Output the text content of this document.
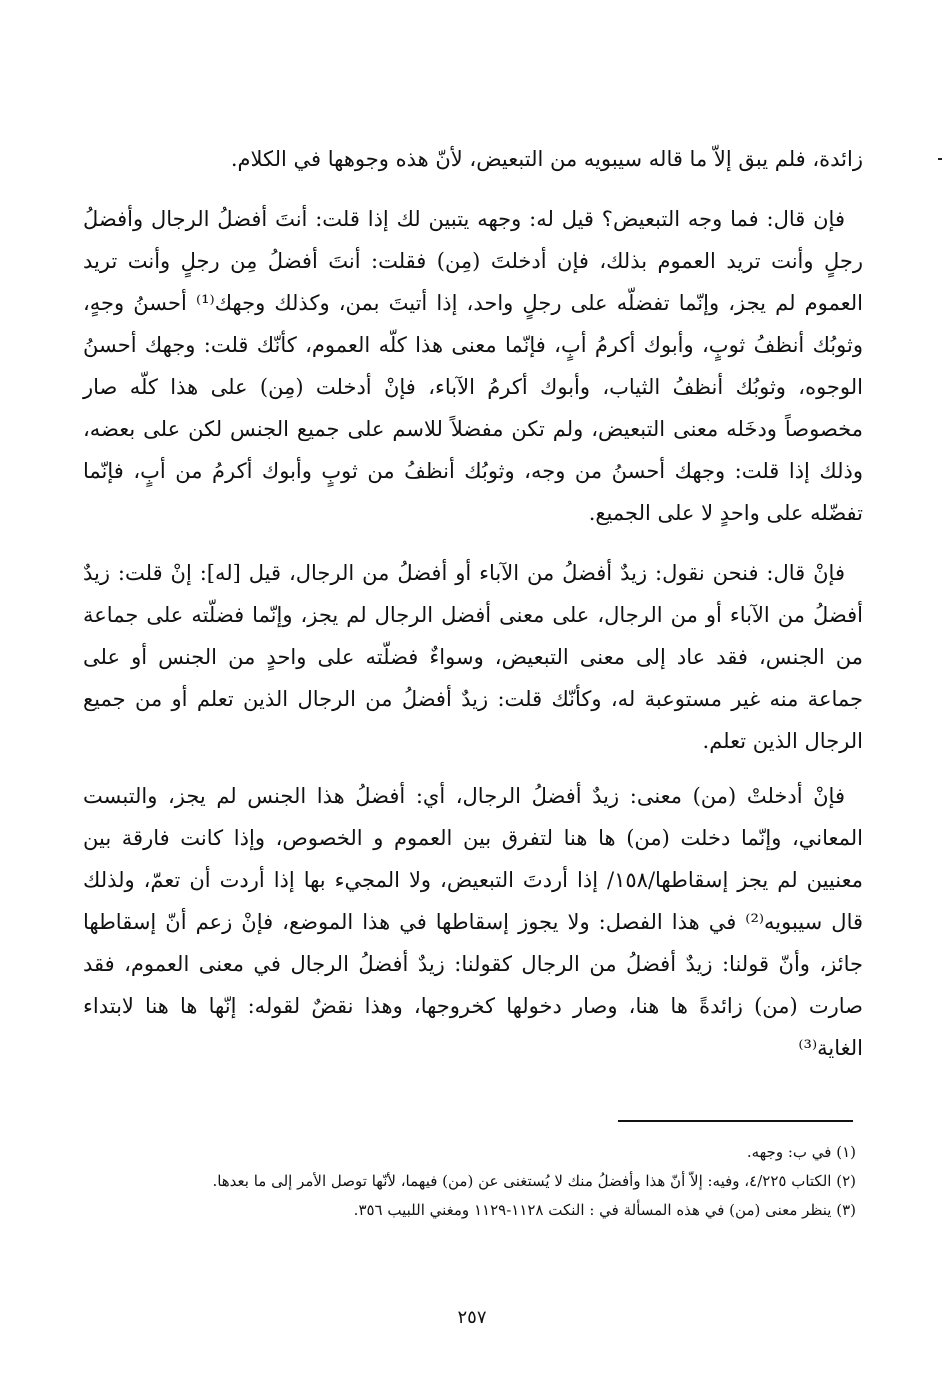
زائدة، فلم يبق إلاّ ما قاله سيبويه من التبعيض، لأنّ هذه وجوهها في الكلام.

فإن قال: فما وجه التبعيض؟ قيل له: وجهه يتبين لك إذا قلت: أنتَ أفضلُ الرجال وأفضلُ رجلٍ وأنت تريد العموم بذلك، فإن أدخلتَ (مِن) فقلت: أنتَ أفضلُ مِن رجلٍ وأنت تريد العموم لم يجز، وإنّما تفضلّه على رجلٍ واحد، إذا أتيتَ بمن، وكذلك وجهك⁽¹⁾ أحسنُ وجهٍ، وثوبُك أنظفُ ثوبٍ، وأبوك أكرمُ أبٍ، فإنّما معنى هذا كلّه العموم، كأنّك قلت: وجهك أحسنُ الوجوه، وثوبُك أنظفُ الثياب، وأبوك أكرمُ الآباء، فإنْ أدخلت (مِن) على هذا كلّه صار مخصوصاً ودخَله معنى التبعيض، ولم تكن مفضلاً للاسم على جميع الجنس لكن على بعضه، وذلك إذا قلت: وجهك أحسنُ من وجه، وثوبُك أنظفُ من ثوبٍ وأبوك أكرمُ من أبٍ، فإنّما تفضّله على واحدٍ لا على الجميع.

فإنْ قال: فنحن نقول: زيدٌ أفضلُ من الآباء أو أفضلُ من الرجال، قيل [له]: إنْ قلت: زيدٌ أفضلُ من الآباء أو من الرجال، على معنى أفضل الرجال لم يجز، وإنّما فضلّته على جماعة من الجنس، فقد عاد إلى معنى التبعيض، وسواءٌ فضلّته على واحدٍ من الجنس أو على جماعة منه غير مستوعبة له، وكأنّك قلت: زيدٌ أفضلُ من الرجال الذين تعلم أو من جميع الرجال الذين تعلم.

فإنْ أدخلتْ (من) معنى: زيدٌ أفضلُ الرجال، أي: أفضلُ هذا الجنس لم يجز، والتبست المعاني، وإنّما دخلت (من) ها هنا لتفرق بين العموم و الخصوص، وإذا كانت فارقة بين معنيين لم يجز إسقاطها/١٥٨/ إذا أردتَ التبعيض، ولا المجيء بها إذا أردت أن تعمّ، ولذلك قال سيبويه⁽²⁾ في هذا الفصل: ولا يجوز إسقاطها في هذا الموضع، فإنْ زعم أنّ إسقاطها جائز، وأنّ قولنا: زيدٌ أفضلُ من الرجال كقولنا: زيدٌ أفضلُ الرجال في معنى العموم، فقد صارت (من) زائدةً ها هنا، وصار دخولها كخروجها، وهذا نقضٌ لقوله: إنّها ها هنا لابتداء الغاية⁽³⁾

(١) في ب: وجهه.
(٢) الكتاب ٤/٢٢٥، وفيه: إلاّ أنّ هذا وأفضلُ منك لا يُستغنى عن (من) فيهما، لأنّها توصل الأمر إلى ما بعدها.
(٣) ينظر معنى (من) في هذه المسألة في : النكت ١١٢٨-١١٢٩ ومغني اللبيب ٣٥٦.
٢٥٧
